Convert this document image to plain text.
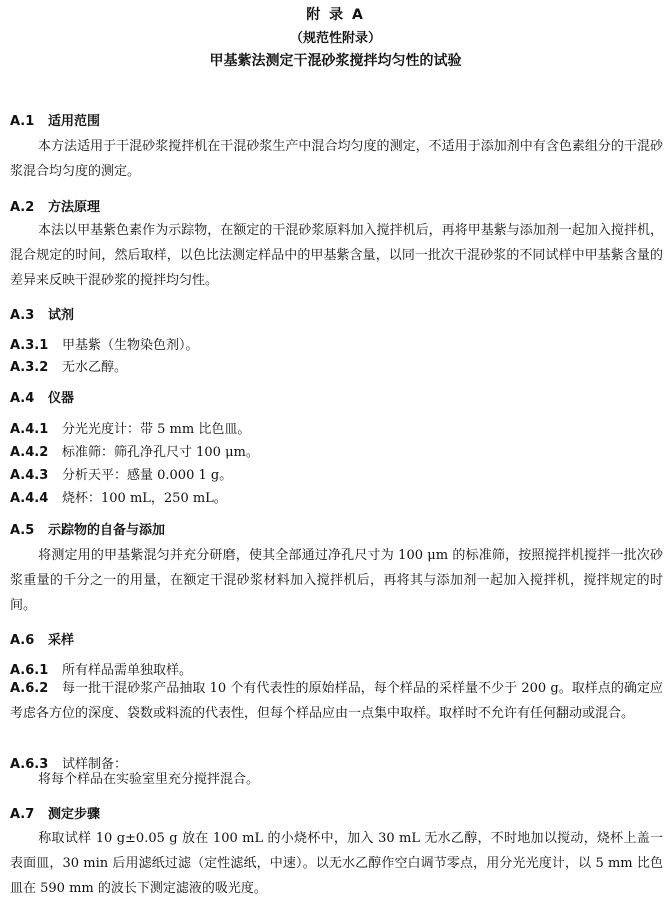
附 录 A
（规范性附录）
甲基紫法测定干混砂浆搅拌均匀性的试验
A.1 适用范围
本方法适用于干混砂浆搅拌机在干混砂浆生产中混合均匀度的测定，不适用于添加剂中有含色素组分的干混砂浆混合均匀度的测定。
A.2 方法原理
本法以甲基紫色素作为示踪物，在额定的干混砂浆原料加入搅拌机后，再将甲基紫与添加剂一起加入搅拌机，混合规定的时间，然后取样，以色比法测定样品中的甲基紫含量，以同一批次干混砂浆的不同试样中甲基紫含量的差异来反映干混砂浆的搅拌均匀性。
A.3 试剂
A.3.1 甲基紫（生物染色剂）。
A.3.2 无水乙醇。
A.4 仪器
A.4.1 分光光度计：带 5 mm 比色皿。
A.4.2 标准筛：筛孔净孔尺寸 100 μm。
A.4.3 分析天平：感量 0.000 1 g。
A.4.4 烧杯：100 mL，250 mL。
A.5 示踪物的自备与添加
将测定用的甲基紫混匀并充分研磨，使其全部通过净孔尺寸为 100 μm 的标准筛，按照搅拌机搅拌一批次砂浆重量的千分之一的用量，在额定干混砂浆材料加入搅拌机后，再将其与添加剂一起加入搅拌机，搅拌规定的时间。
A.6 采样
A.6.1 所有样品需单独取样。
A.6.2 每一批干混砂浆产品抽取 10 个有代表性的原始样品，每个样品的采样量不少于 200 g。取样点的确定应考虑各方位的深度、袋数或料流的代表性，但每个样品应由一点集中取样。取样时不允许有任何翻动或混合。
A.6.3 试样制备：
将每个样品在实验室里充分搅拌混合。
A.7 测定步骤
称取试样 10 g±0.05 g 放在 100 mL 的小烧杯中，加入 30 mL 无水乙醇，不时地加以搅动，烧杯上盖一表面皿，30 min 后用滤纸过滤（定性滤纸，中速）。以无水乙醇作空白调节零点，用分光光度计，以 5 mm 比色皿在 590 mm 的波长下测定滤液的吸光度。
